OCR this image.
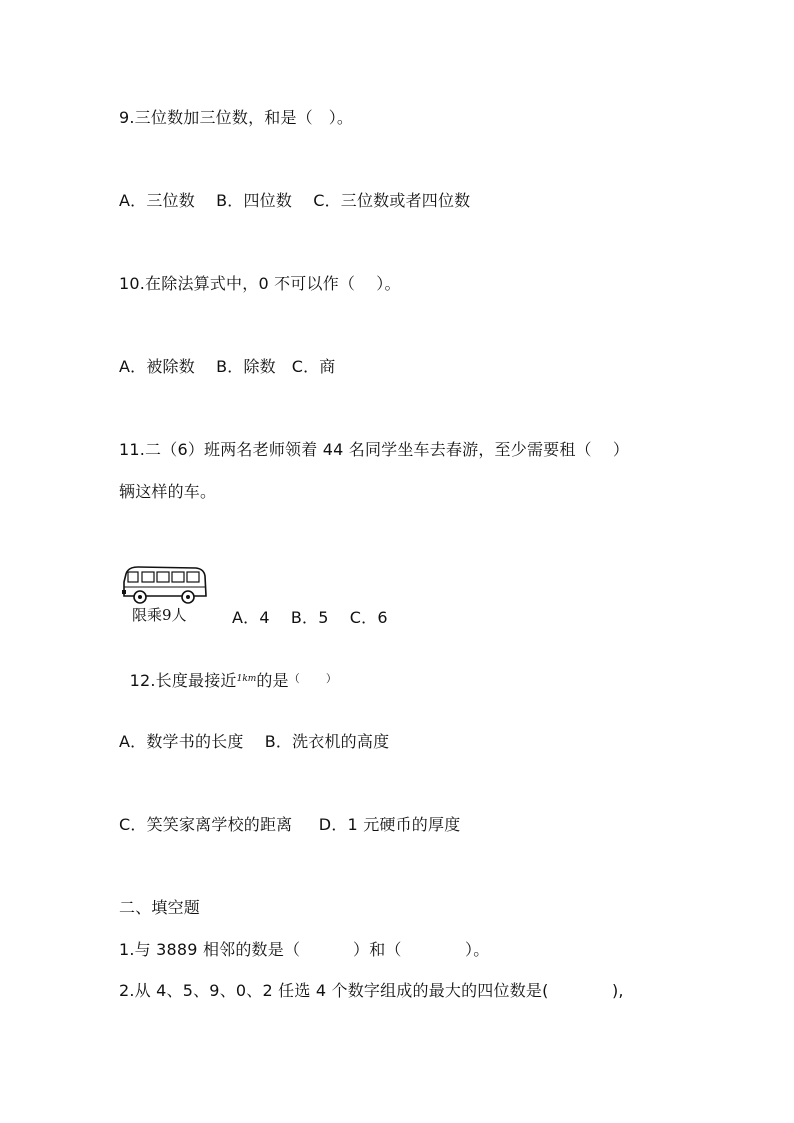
9.三位数加三位数，和是（   ）。
A．三位数    B．四位数    C．三位数或者四位数
10.在除法算式中，0 不可以作（    ）。
A．被除数    B．除数   C．商
11.二（6）班两名老师领着 44 名同学坐车去春游，至少需要租（    ）
辆这样的车。
限乘9人	A．4    B．5    C．6

12.长度最接近$^{1km}$的是（       ）

A．数学书的长度    B．洗衣机的高度
C．笑笑家离学校的距离     D．1 元硬币的厚度
二、填空题
1.与 3889 相邻的数是（          ）和（            ）。
2.从 4、5、9、0、2 任选 4 个数字组成的最大的四位数是(            ),
